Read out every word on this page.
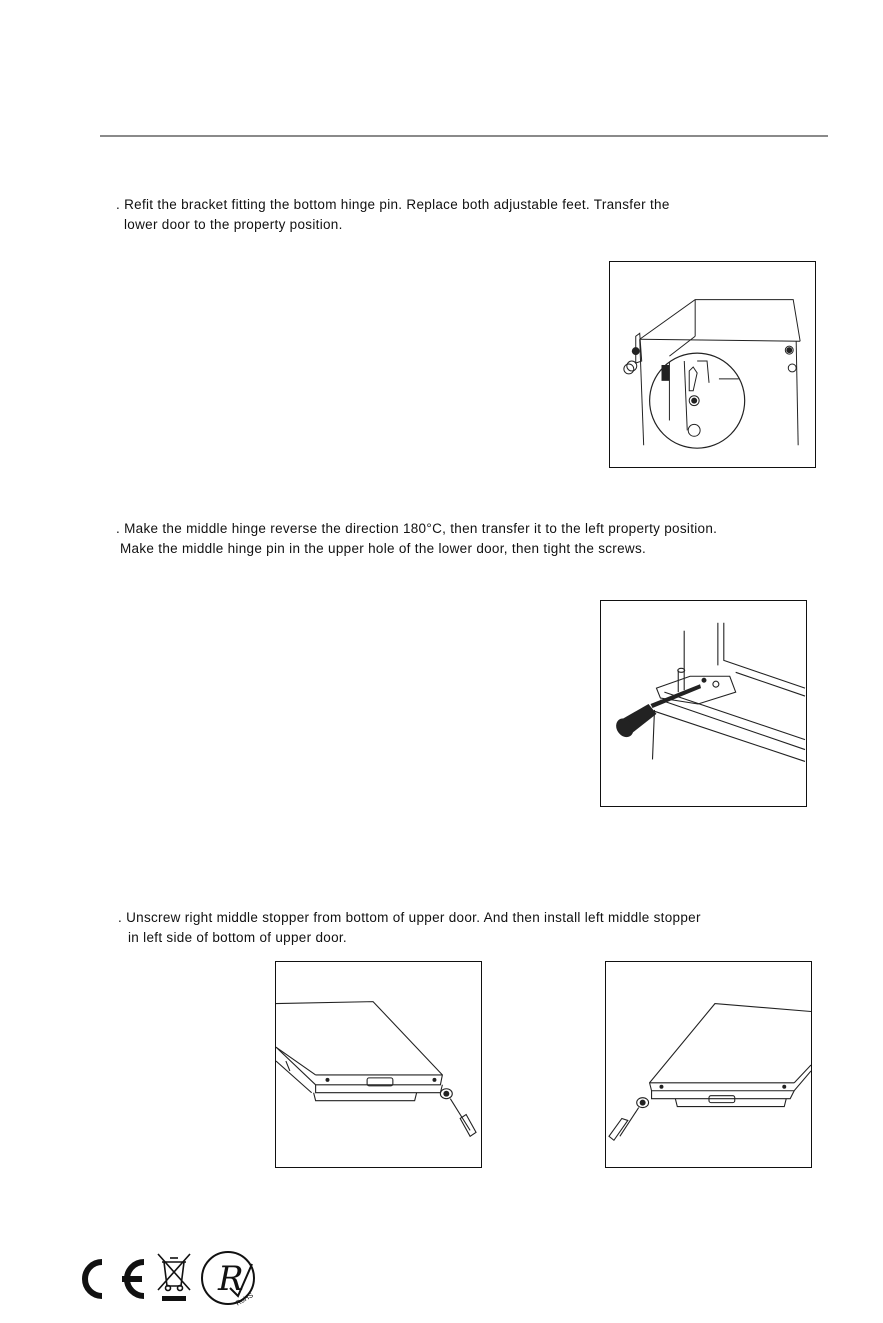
. Refit the bracket fitting the bottom hinge pin. Replace both adjustable feet. Transfer the
lower door to the property position.
. Make the middle hinge reverse the direction 180°C, then transfer it to the left property position.
Make the middle hinge pin in the upper hole of the lower door, then tight the screws.
. Unscrew right middle stopper from bottom of upper door. And then install left middle stopper
in left side of bottom of upper door.
R
RoHS
